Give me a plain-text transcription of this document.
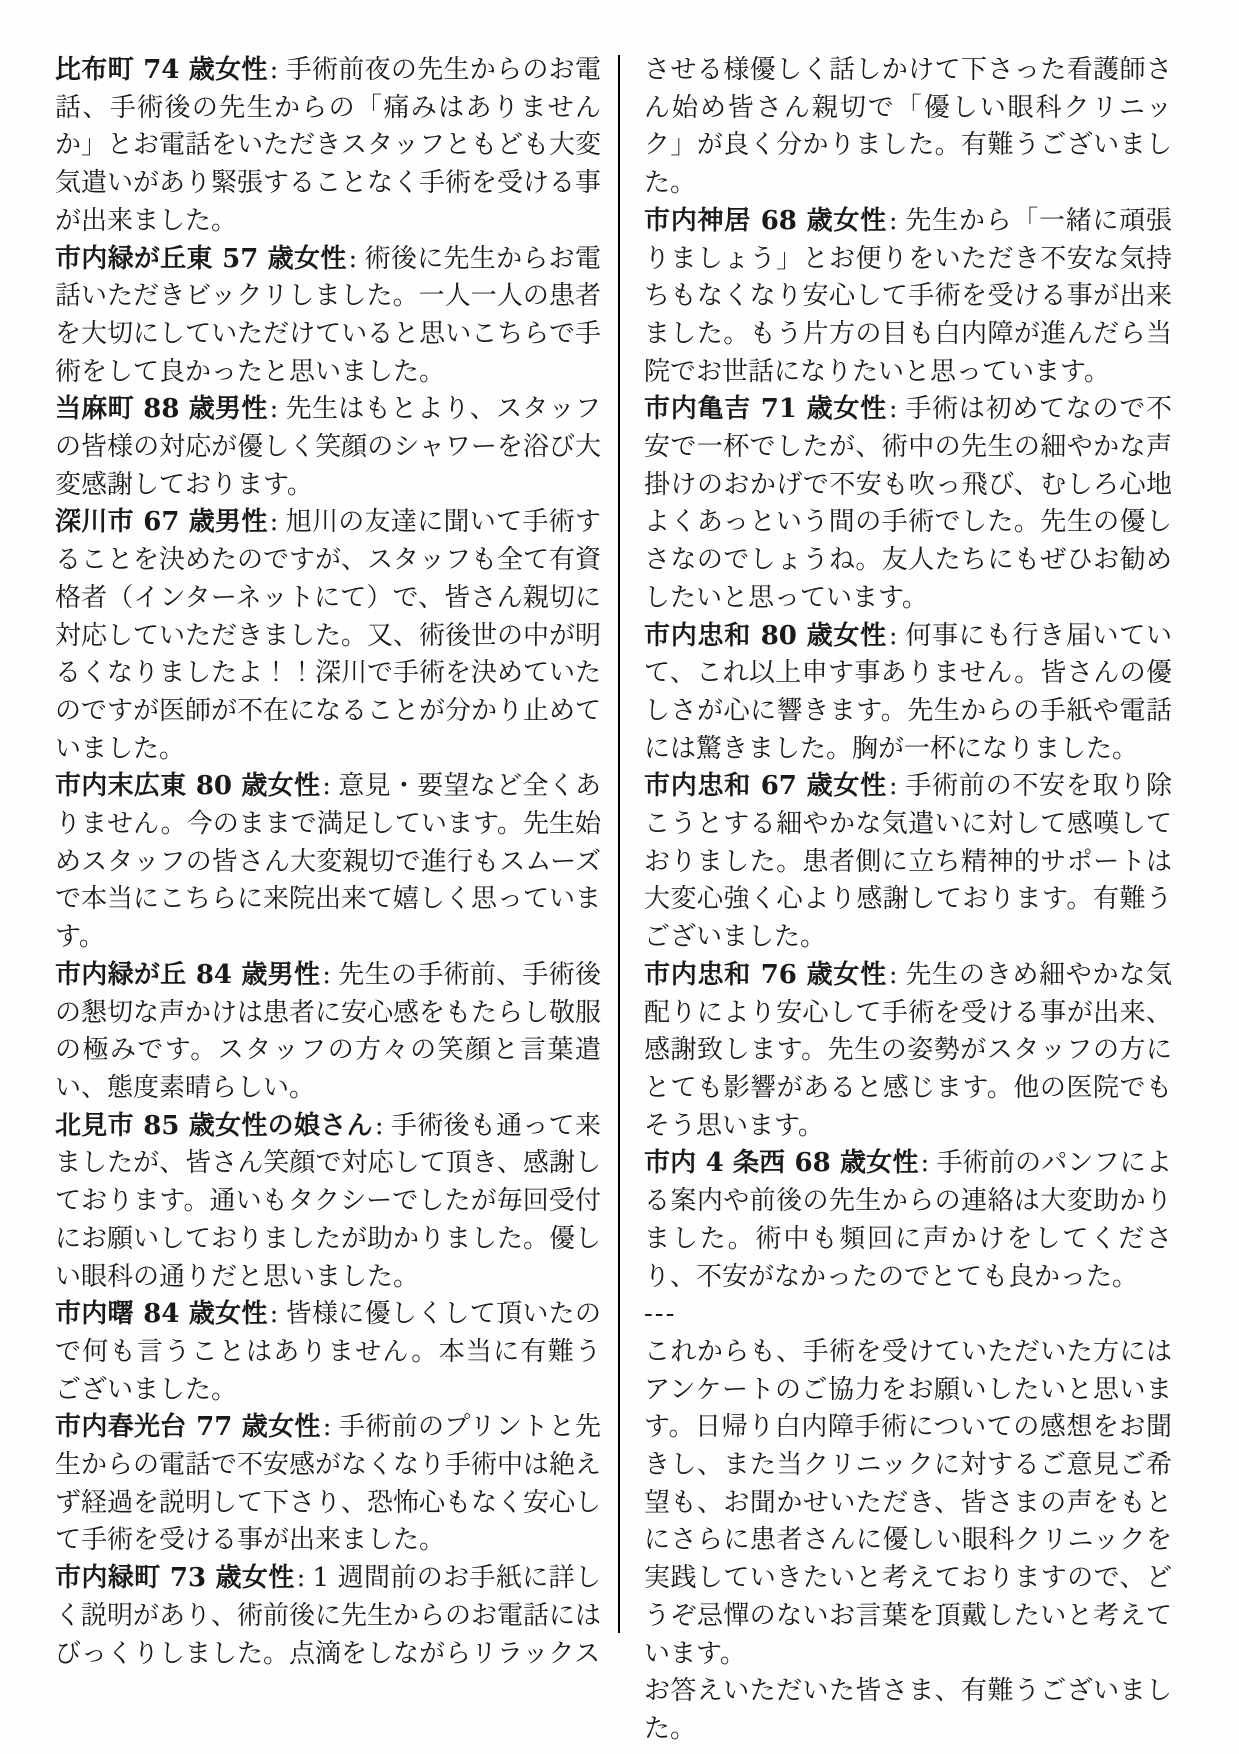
比布町 74 歳女性: 手術前夜の先生からのお電話、手術後の先生からの「痛みはありませんか」とお電話をいただきスタッフともども大変気遣いがあり緊張することなく手術を受ける事が出来ました。

市内緑が丘東 57 歳女性: 術後に先生からお電話いただきビックリしました。一人一人の患者を大切にしていただけていると思いこちらで手術をして良かったと思いました。

当麻町 88 歳男性: 先生はもとより、スタッフの皆様の対応が優しく笑顔のシャワーを浴び大変感謝しております。

深川市 67 歳男性: 旭川の友達に聞いて手術することを決めたのですが、スタッフも全て有資格者（インターネットにて）で、皆さん親切に対応していただきました。又、術後世の中が明るくなりましたよ！！深川で手術を決めていたのですが医師が不在になることが分かり止めていました。

市内末広東 80 歳女性: 意見・要望など全くありません。今のままで満足しています。先生始めスタッフの皆さん大変親切で進行もスムーズで本当にこちらに来院出来て嬉しく思っています。

市内緑が丘 84 歳男性: 先生の手術前、手術後の懇切な声かけは患者に安心感をもたらし敬服の極みです。スタッフの方々の笑顔と言葉遣い、態度素晴らしい。

北見市 85 歳女性の娘さん: 手術後も通って来ましたが、皆さん笑顔で対応して頂き、感謝しております。通いもタクシーでしたが毎回受付にお願いしておりましたが助かりました。優しい眼科の通りだと思いました。

市内曙 84 歳女性: 皆様に優しくして頂いたので何も言うことはありません。本当に有難うございました。

市内春光台 77 歳女性: 手術前のプリントと先生からの電話で不安感がなくなり手術中は絶えず経過を説明して下さり、恐怖心もなく安心して手術を受ける事が出来ました。

市内緑町 73 歳女性: 1 週間前のお手紙に詳しく説明があり、術前後に先生からのお電話にはびっくりしました。点滴をしながらリラックス

させる様優しく話しかけて下さった看護師さん始め皆さん親切で「優しい眼科クリニック」が良く分かりました。有難うございました。

市内神居 68 歳女性: 先生から「一緒に頑張りましょう」とお便りをいただき不安な気持ちもなくなり安心して手術を受ける事が出来ました。もう片方の目も白内障が進んだら当院でお世話になりたいと思っています。

市内亀吉 71 歳女性: 手術は初めてなので不安で一杯でしたが、術中の先生の細やかな声掛けのおかげで不安も吹っ飛び、むしろ心地よくあっという間の手術でした。先生の優しさなのでしょうね。友人たちにもぜひお勧めしたいと思っています。

市内忠和 80 歳女性: 何事にも行き届いていて、これ以上申す事ありません。皆さんの優しさが心に響きます。先生からの手紙や電話には驚きました。胸が一杯になりました。

市内忠和 67 歳女性: 手術前の不安を取り除こうとする細やかな気遣いに対して感嘆しておりました。患者側に立ち精神的サポートは大変心強く心より感謝しております。有難うございました。

市内忠和 76 歳女性: 先生のきめ細やかな気配りにより安心して手術を受ける事が出来、感謝致します。先生の姿勢がスタッフの方にとても影響があると感じます。他の医院でもそう思います。

市内 4 条西 68 歳女性: 手術前のパンフによる案内や前後の先生からの連絡は大変助かりました。術中も頻回に声かけをしてくださり、不安がなかったのでとても良かった。

---

これからも、手術を受けていただいた方にはアンケートのご協力をお願いしたいと思います。日帰り白内障手術についての感想をお聞きし、また当クリニックに対するご意見ご希望も、お聞かせいただき、皆さまの声をもとにさらに患者さんに優しい眼科クリニックを実践していきたいと考えておりますので、どうぞ忌憚のないお言葉を頂戴したいと考えています。

お答えいただいた皆さま、有難うございました。
